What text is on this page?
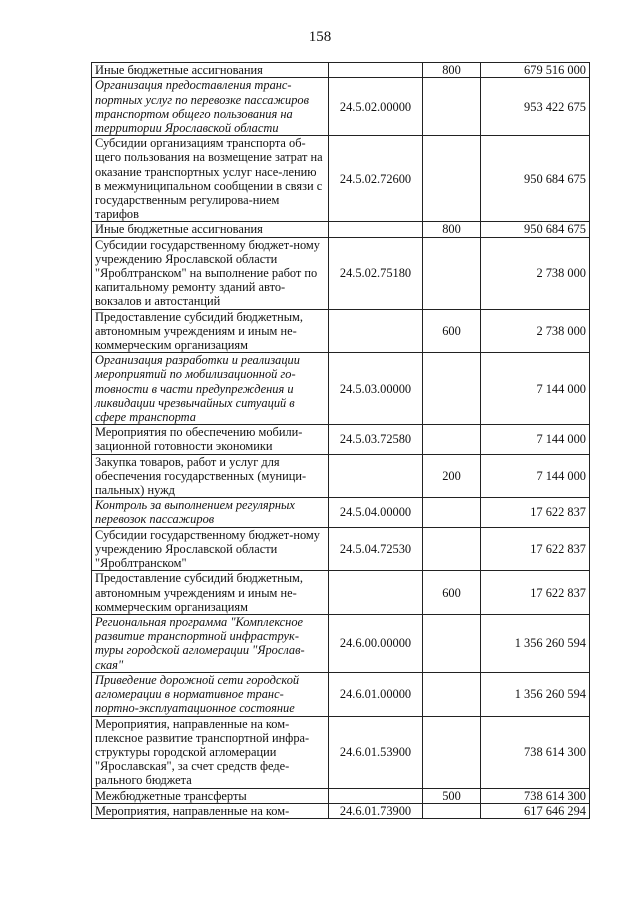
158
Иные бюджетные ассигнования		800	679 516 000
Организация предоставления транс-портных услуг по перевозке пассажиров транспортом общего пользования на территории Ярославской области	24.5.02.00000		953 422 675
Субсидии организациям транспорта об-щего пользования на возмещение затрат на оказание транспортных услуг насе-лению в межмуниципальном сообщении в связи с государственным регулирова-нием тарифов	24.5.02.72600		950 684 675
Иные бюджетные ассигнования		800	950 684 675
Субсидии государственному бюджет-ному учреждению Ярославской области "Яроблтранском" на выполнение работ по капитальному ремонту зданий авто-вокзалов и автостанций	24.5.02.75180		2 738 000
Предоставление субсидий бюджетным, автономным учреждениям и иным не-коммерческим организациям		600	2 738 000
Организация разработки и реализации мероприятий по мобилизационной го-товности в части предупреждения и ликвидации чрезвычайных ситуаций в сфере транспорта	24.5.03.00000		7 144 000
Мероприятия по обеспечению мобили-зационной готовности экономики	24.5.03.72580		7 144 000
Закупка товаров, работ и услуг для обеспечения государственных (муници-пальных) нужд		200	7 144 000
Контроль за выполнением регулярных перевозок пассажиров	24.5.04.00000		17 622 837
Субсидии государственному бюджет-ному учреждению Ярославской области "Яроблтранском"	24.5.04.72530		17 622 837
Предоставление субсидий бюджетным, автономным учреждениям и иным не-коммерческим организациям		600	17 622 837
Региональная программа "Комплексное развитие транспортной инфраструк-туры городской агломерации "Ярослав-ская"	24.6.00.00000		1 356 260 594
Приведение дорожной сети городской агломерации в нормативное транс-портно-эксплуатационное состояние	24.6.01.00000		1 356 260 594
Мероприятия, направленные на ком-плексное развитие транспортной инфра-структуры городской агломерации "Ярославская", за счет средств феде-рального бюджета	24.6.01.53900		738 614 300
Межбюджетные трансферты		500	738 614 300
Мероприятия, направленные на ком-	24.6.01.73900		617 646 294
